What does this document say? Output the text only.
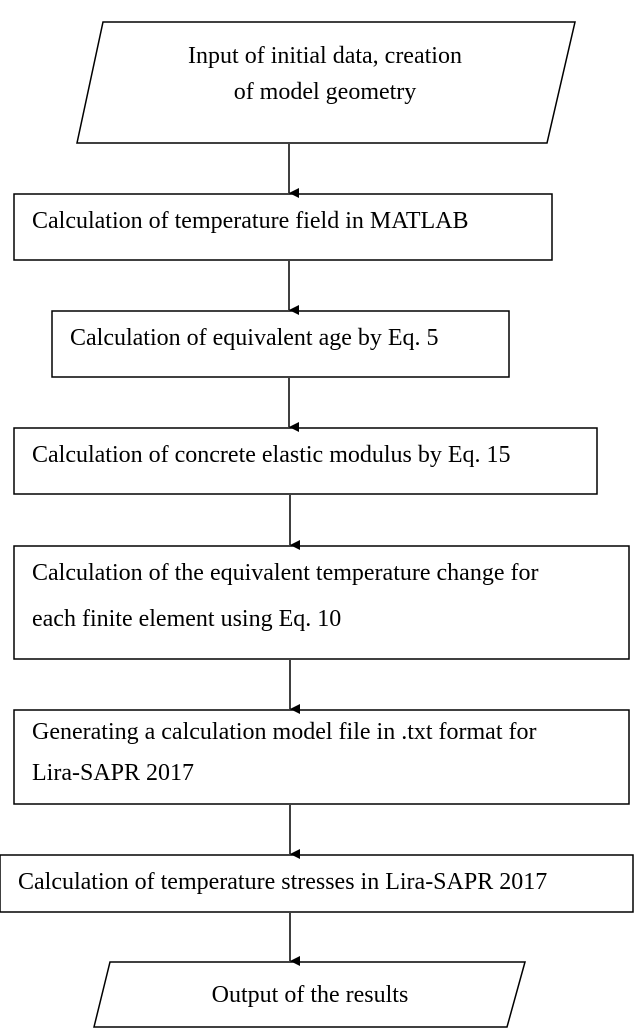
Input of initial data, creation
of model geometry
Calculation of temperature field in MATLAB
Calculation of equivalent age by Eq. 5
Calculation of concrete elastic modulus by Eq. 15
Calculation of the equivalent temperature change for
each finite element using Eq. 10
Generating a calculation model file in .txt format for
Lira-SAPR 2017
Calculation of temperature stresses in Lira-SAPR 2017
Output of the results
